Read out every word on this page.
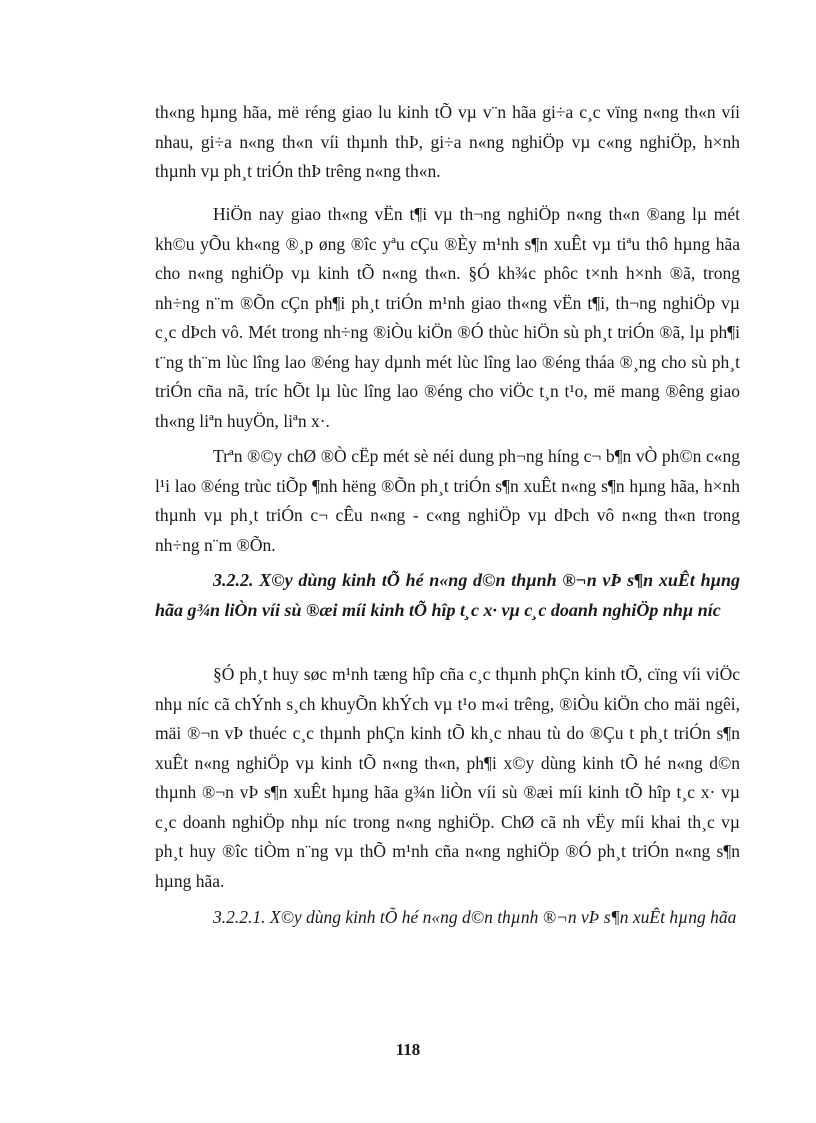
th«ng hµng hãa, më réng giao lu kinh tÕ vµ v¨n hãa gi÷a c¸c vïng n«ng th«n víi nhau, gi÷a n«ng th«n víi thµnh thÞ, gi÷a n«ng nghiÖp vµ c«ng nghiÖp, h×nh thµnh vµ ph¸t triÓn thÞ trêng n«ng th«n.

HiÖn nay giao th«ng vËn t¶i vµ th¬ng nghiÖp n«ng th«n ®ang lµ mét kh©u yÕu kh«ng ®¸p øng ®îc yªu cÇu ®Èy m¹nh s¶n xuÊt vµ tiªu thô hµng hãa cho n«ng nghiÖp vµ kinh tÕ n«ng th«n. §Ó kh¾c phôc t×nh h×nh ®ã, trong nh÷ng n¨m ®Õn cÇn ph¶i ph¸t triÓn m¹nh giao th«ng vËn t¶i, th¬ng nghiÖp vµ c¸c dÞch vô. Mét trong nh÷ng ®iÒu kiÖn ®Ó thùc hiÖn sù ph¸t triÓn ®ã, lµ ph¶i t¨ng th¨m lùc lîng lao ®éng hay dµnh mét lùc lîng lao ®éng tháa ®¸ng cho sù ph¸t triÓn cña nã, tríc hÕt lµ lùc lîng lao ®éng cho viÖc t¸n t¹o, më mang ®êng giao th«ng liªn huyÖn, liªn x·.

Trªn ®©y chØ ®Ò cËp mét sè néi dung ph¬ng híng c¬ b¶n vÒ ph©n c«ng l¹i lao ®éng trùc tiÕp ¶nh hëng ®Õn ph¸t triÓn s¶n xuÊt n«ng s¶n hµng hãa, h×nh thµnh vµ ph¸t triÓn c¬ cÊu n«ng - c«ng nghiÖp vµ dÞch vô n«ng th«n trong nh÷ng n¨m ®Õn.

3.2.2. X©y dùng kinh tÕ hé n«ng d©n thµnh ®¬n vÞ s¶n xuÊt hµng hãa g¾n liÒn víi sù ®æi míi kinh tÕ hîp t¸c x· vµ c¸c doanh nghiÖp nhµ níc

§Ó ph¸t huy søc m¹nh tæng hîp cña c¸c thµnh phÇn kinh tÕ, cïng víi viÖc nhµ níc cã chÝnh s¸ch khuyÕn khÝch vµ t¹o m«i trêng, ®iÒu kiÖn cho mäi ngêi, mäi ®¬n vÞ thuéc c¸c thµnh phÇn kinh tÕ kh¸c nhau tù do ®Çu t ph¸t triÓn s¶n xuÊt n«ng nghiÖp vµ kinh tÕ n«ng th«n, ph¶i x©y dùng kinh tÕ hé n«ng d©n thµnh ®¬n vÞ s¶n xuÊt hµng hãa g¾n liÒn víi sù ®æi míi kinh tÕ hîp t¸c x· vµ c¸c doanh nghiÖp nhµ níc trong n«ng nghiÖp. ChØ cã nh vËy míi khai th¸c vµ ph¸t huy ®îc tiÒm n¨ng vµ thÕ m¹nh cña n«ng nghiÖp ®Ó ph¸t triÓn n«ng s¶n hµng hãa.

3.2.2.1. X©y dùng kinh tÕ hé n«ng d©n thµnh ®¬n vÞ s¶n xuÊt hµng hãa

118
